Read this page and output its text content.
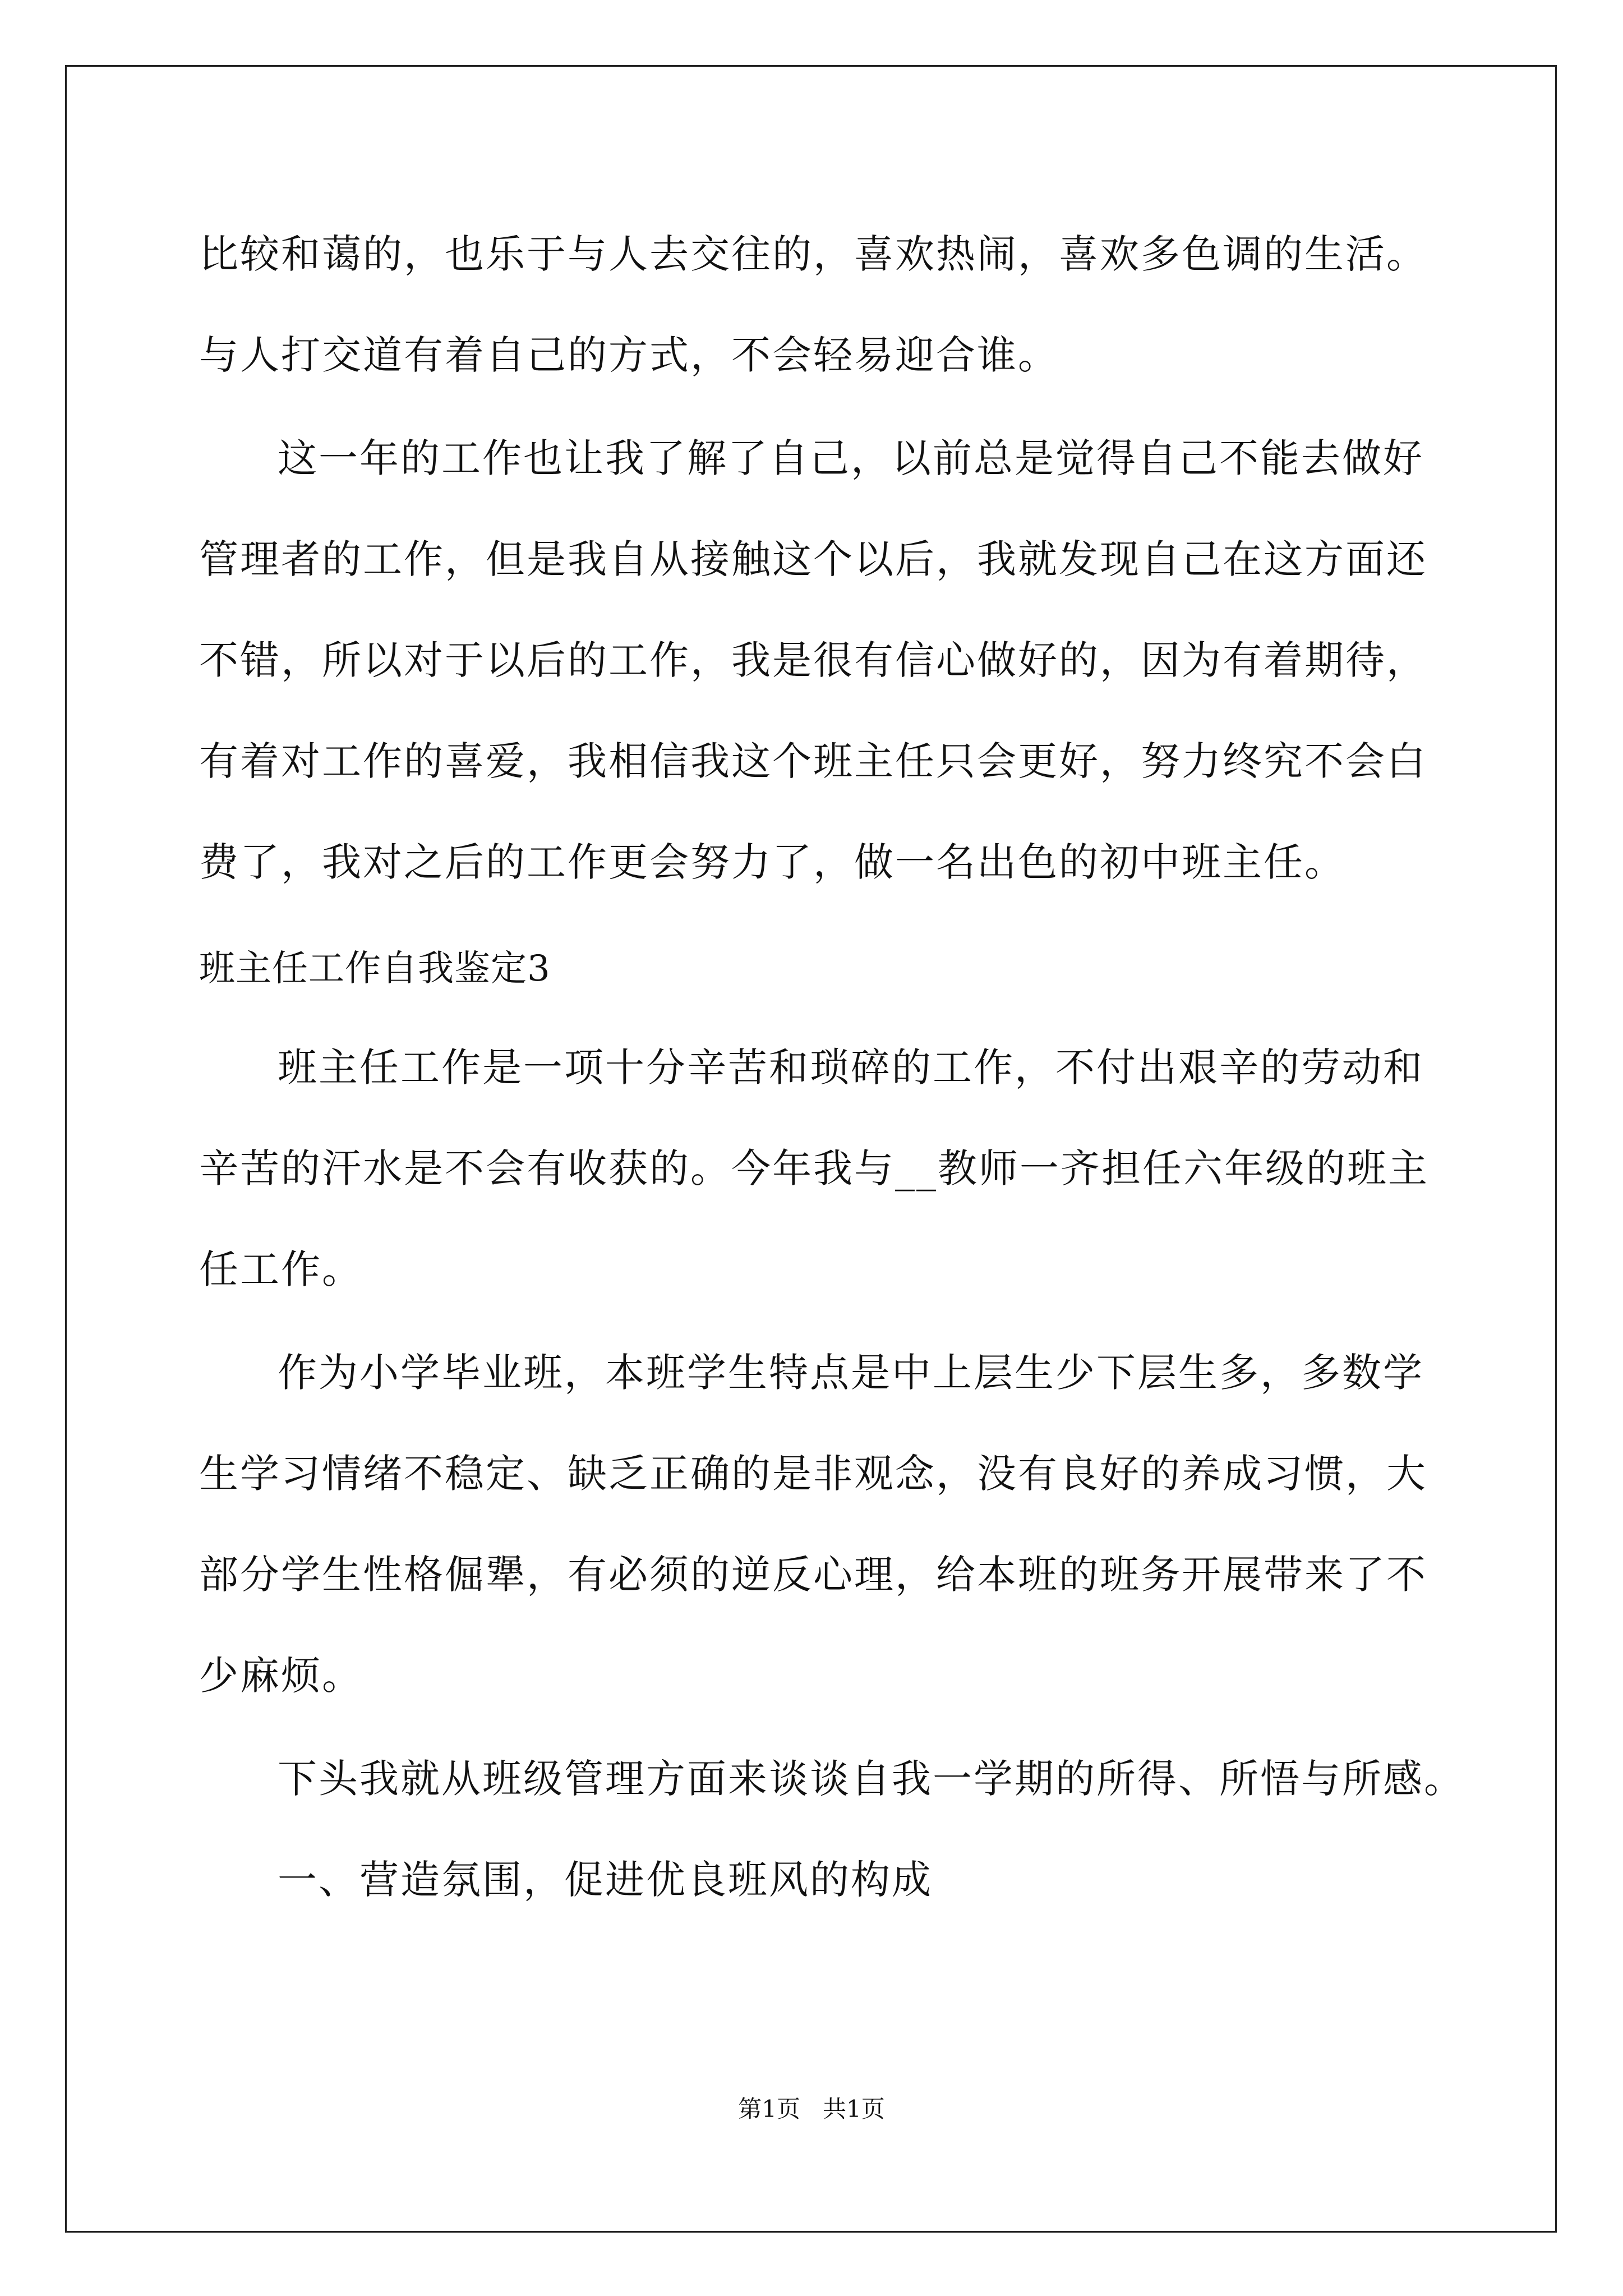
比较和蔼的，也乐于与人去交往的，喜欢热闹，喜欢多色调的生活。
与人打交道有着自己的方式，不会轻易迎合谁。
这一年的工作也让我了解了自己，以前总是觉得自己不能去做好
管理者的工作，但是我自从接触这个以后，我就发现自己在这方面还
不错，所以对于以后的工作，我是很有信心做好的，因为有着期待，
有着对工作的喜爱，我相信我这个班主任只会更好，努力终究不会白
费了，我对之后的工作更会努力了，做一名出色的初中班主任。
班主任工作自我鉴定3
班主任工作是一项十分辛苦和琐碎的工作，不付出艰辛的劳动和
辛苦的汗水是不会有收获的。今年我与__教师一齐担任六年级的班主
任工作。
作为小学毕业班，本班学生特点是中上层生少下层生多，多数学
生学习情绪不稳定、缺乏正确的是非观念，没有良好的养成习惯，大
部分学生性格倔犟，有必须的逆反心理，给本班的班务开展带来了不
少麻烦。
下头我就从班级管理方面来谈谈自我一学期的所得、所悟与所感。
一、营造氛围，促进优良班风的构成
第1页   共1页
